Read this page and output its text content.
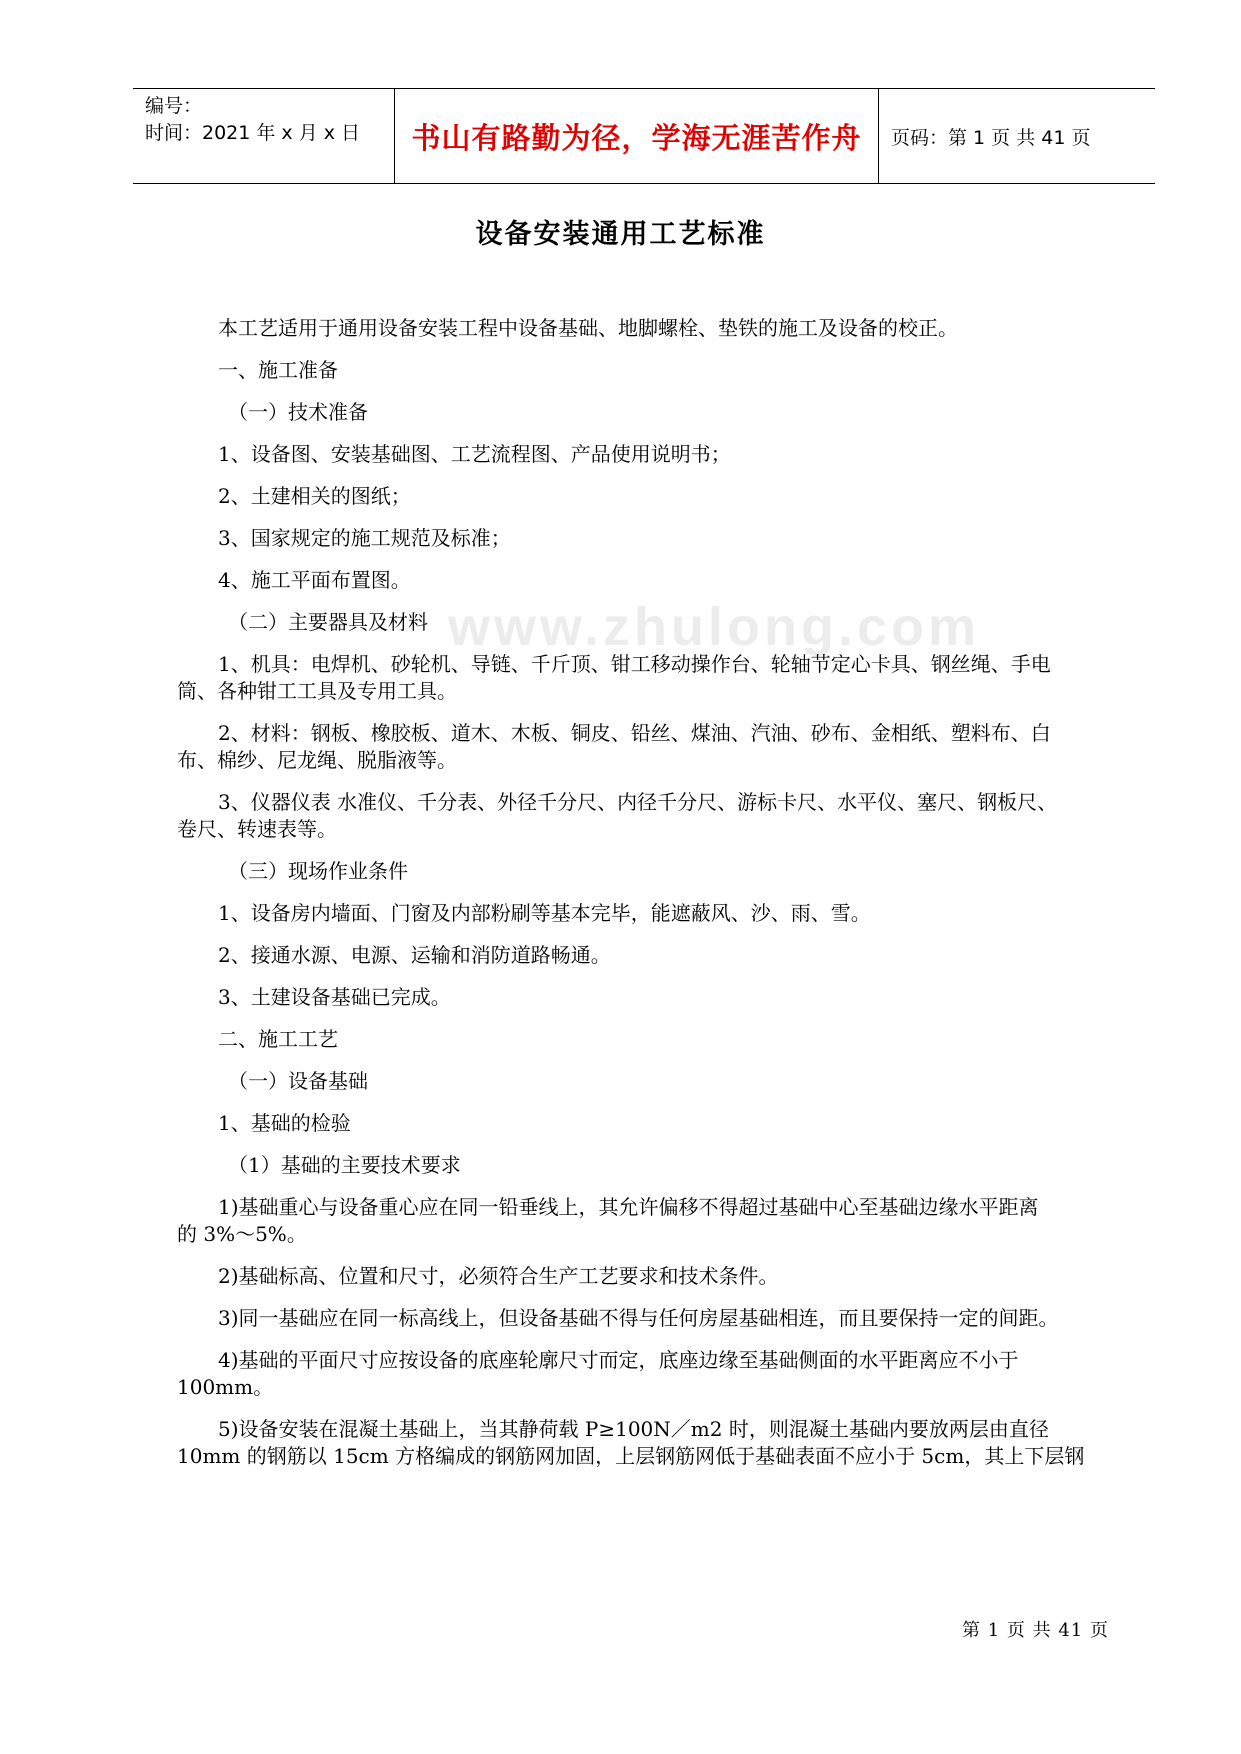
编号：
时间：2021 年 x 月 x 日	书山有路勤为径，学海无涯苦作舟	页码：第 1 页 共 41 页
设备安装通用工艺标准
www.zhulong.com

本工艺适用于通用设备安装工程中设备基础、地脚螺栓、垫铁的施工及设备的校正。

一、施工准备

（一）技术准备

1、设备图、安装基础图、工艺流程图、产品使用说明书；

2、土建相关的图纸；

3、国家规定的施工规范及标准；

4、施工平面布置图。

（二）主要器具及材料

1、机具：电焊机、砂轮机、导链、千斤顶、钳工移动操作台、轮轴节定心卡具、钢丝绳、手电
筒、各种钳工工具及专用工具。

2、材料：钢板、橡胶板、道木、木板、铜皮、铅丝、煤油、汽油、砂布、金相纸、塑料布、白
布、棉纱、尼龙绳、脱脂液等。

3、仪器仪表 水准仪、千分表、外径千分尺、内径千分尺、游标卡尺、水平仪、塞尺、钢板尺、
卷尺、转速表等。

（三）现场作业条件

1、设备房内墙面、门窗及内部粉刷等基本完毕，能遮蔽风、沙、雨、雪。

2、接通水源、电源、运输和消防道路畅通。

3、土建设备基础已完成。

二、施工工艺

（一）设备基础

1、基础的检验

（1）基础的主要技术要求

1)基础重心与设备重心应在同一铅垂线上，其允许偏移不得超过基础中心至基础边缘水平距离
的 3%～5%。

2)基础标高、位置和尺寸，必须符合生产工艺要求和技术条件。

3)同一基础应在同一标高线上，但设备基础不得与任何房屋基础相连，而且要保持一定的间距。

4)基础的平面尺寸应按设备的底座轮廓尺寸而定，底座边缘至基础侧面的水平距离应不小于
100mm。

5)设备安装在混凝土基础上，当其静荷载 P≥100N／m2 时，则混凝土基础内要放两层由直径
10mm 的钢筋以 15cm 方格编成的钢筋网加固，上层钢筋网低于基础表面不应小于 5cm，其上下层钢

第 1 页 共 41 页
